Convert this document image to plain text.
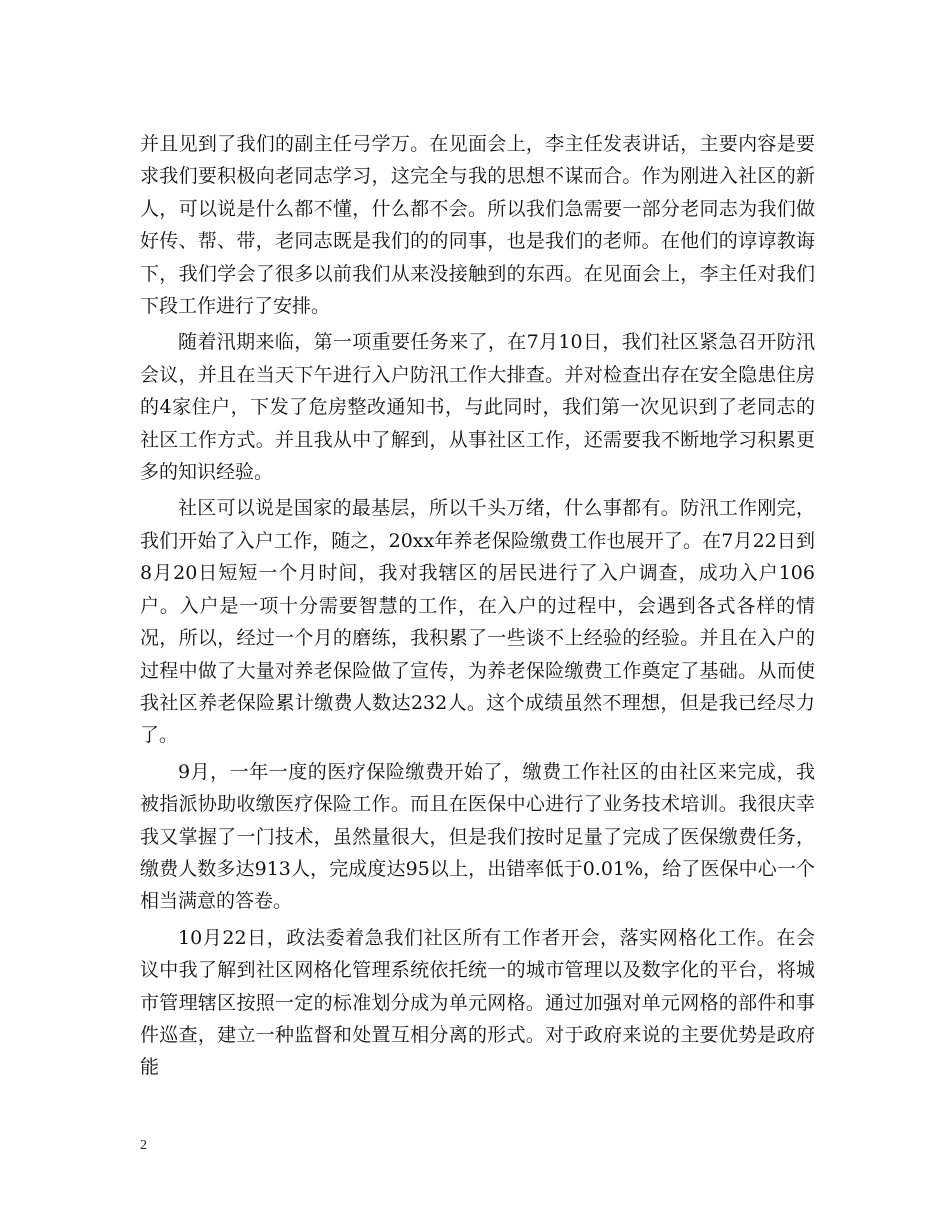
并且见到了我们的副主任弓学万。在见面会上，李主任发表讲话，主要内容是要求我们要积极向老同志学习，这完全与我的思想不谋而合。作为刚进入社区的新人，可以说是什么都不懂，什么都不会。所以我们急需要一部分老同志为我们做好传、帮、带，老同志既是我们的的同事，也是我们的老师。在他们的谆谆教诲下，我们学会了很多以前我们从来没接触到的东西。在见面会上，李主任对我们下段工作进行了安排。

随着汛期来临，第一项重要任务来了，在7月10日，我们社区紧急召开防汛会议，并且在当天下午进行入户防汛工作大排查。并对检查出存在安全隐患住房的4家住户，下发了危房整改通知书，与此同时，我们第一次见识到了老同志的社区工作方式。并且我从中了解到，从事社区工作，还需要我不断地学习积累更多的知识经验。

社区可以说是国家的最基层，所以千头万绪，什么事都有。防汛工作刚完，我们开始了入户工作，随之，20xx年养老保险缴费工作也展开了。在7月22日到8月20日短短一个月时间，我对我辖区的居民进行了入户调查，成功入户106户。入户是一项十分需要智慧的工作，在入户的过程中，会遇到各式各样的情况，所以，经过一个月的磨练，我积累了一些谈不上经验的经验。并且在入户的过程中做了大量对养老保险做了宣传，为养老保险缴费工作奠定了基础。从而使我社区养老保险累计缴费人数达232人。这个成绩虽然不理想，但是我已经尽力了。

9月，一年一度的医疗保险缴费开始了，缴费工作社区的由社区来完成，我被指派协助收缴医疗保险工作。而且在医保中心进行了业务技术培训。我很庆幸我又掌握了一门技术，虽然量很大，但是我们按时足量了完成了医保缴费任务，缴费人数多达913人，完成度达95以上，出错率低于0.01%，给了医保中心一个相当满意的答卷。

10月22日，政法委着急我们社区所有工作者开会，落实网格化工作。在会议中我了解到社区网格化管理系统依托统一的城市管理以及数字化的平台，将城市管理辖区按照一定的标准划分成为单元网格。通过加强对单元网格的部件和事件巡查，建立一种监督和处置互相分离的形式。对于政府来说的主要优势是政府能

2
